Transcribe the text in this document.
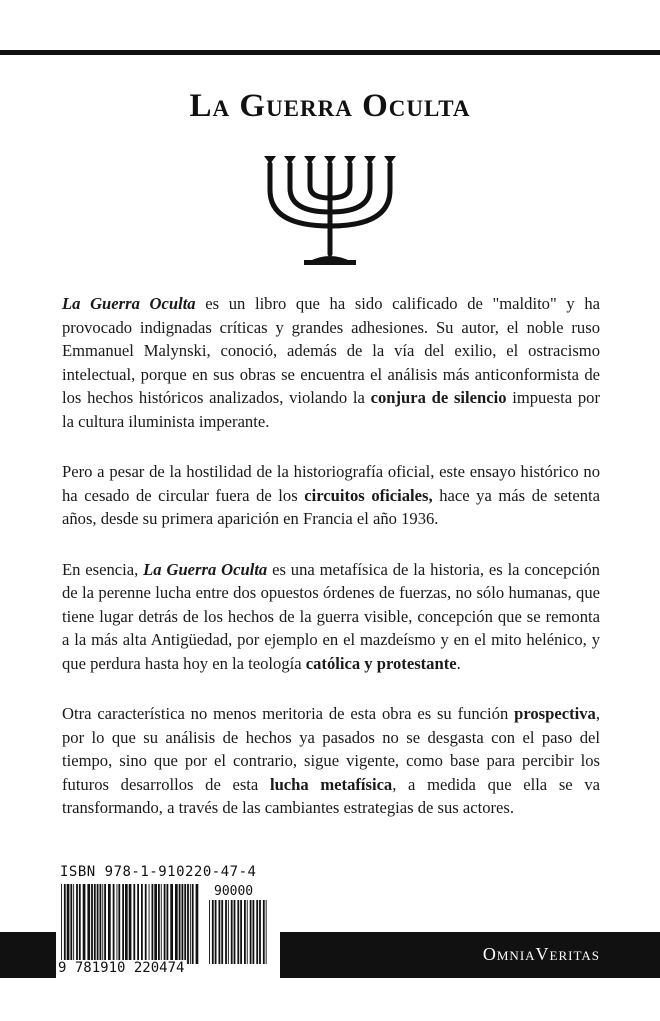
La Guerra Oculta

La Guerra Oculta es un libro que ha sido calificado de "maldito" y ha provocado indignadas críticas y grandes adhesiones. Su autor, el noble ruso Emmanuel Malynski, conoció, además de la vía del exilio, el ostracismo intelectual, porque en sus obras se encuentra el análisis más anticonformista de los hechos históricos analizados, violando la conjura de silencio impuesta por la cultura iluminista imperante.

Pero a pesar de la hostilidad de la historiografía oficial, este ensayo histórico no ha cesado de circular fuera de los circuitos oficiales, hace ya más de setenta años, desde su primera aparición en Francia el año 1936.

En esencia, La Guerra Oculta es una metafísica de la historia, es la concepción de la perenne lucha entre dos opuestos órdenes de fuerzas, no sólo humanas, que tiene lugar detrás de los hechos de la guerra visible, concepción que se remonta a la más alta Antigüedad, por ejemplo en el mazdeísmo y en el mito helénico, y que perdura hasta hoy en la teología católica y protestante.

Otra característica no menos meritoria de esta obra es su función prospectiva, por lo que su análisis de hechos ya pasados no se desgasta con el paso del tiempo, sino que por el contrario, sigue vigente, como base para percibir los futuros desarrollos de esta lucha metafísica, a medida que ella se va transformando, a través de las cambiantes estrategias de sus actores.

OmniaVeritas
ISBN 978-1-910220-47-4
90000
9 781910 220474
